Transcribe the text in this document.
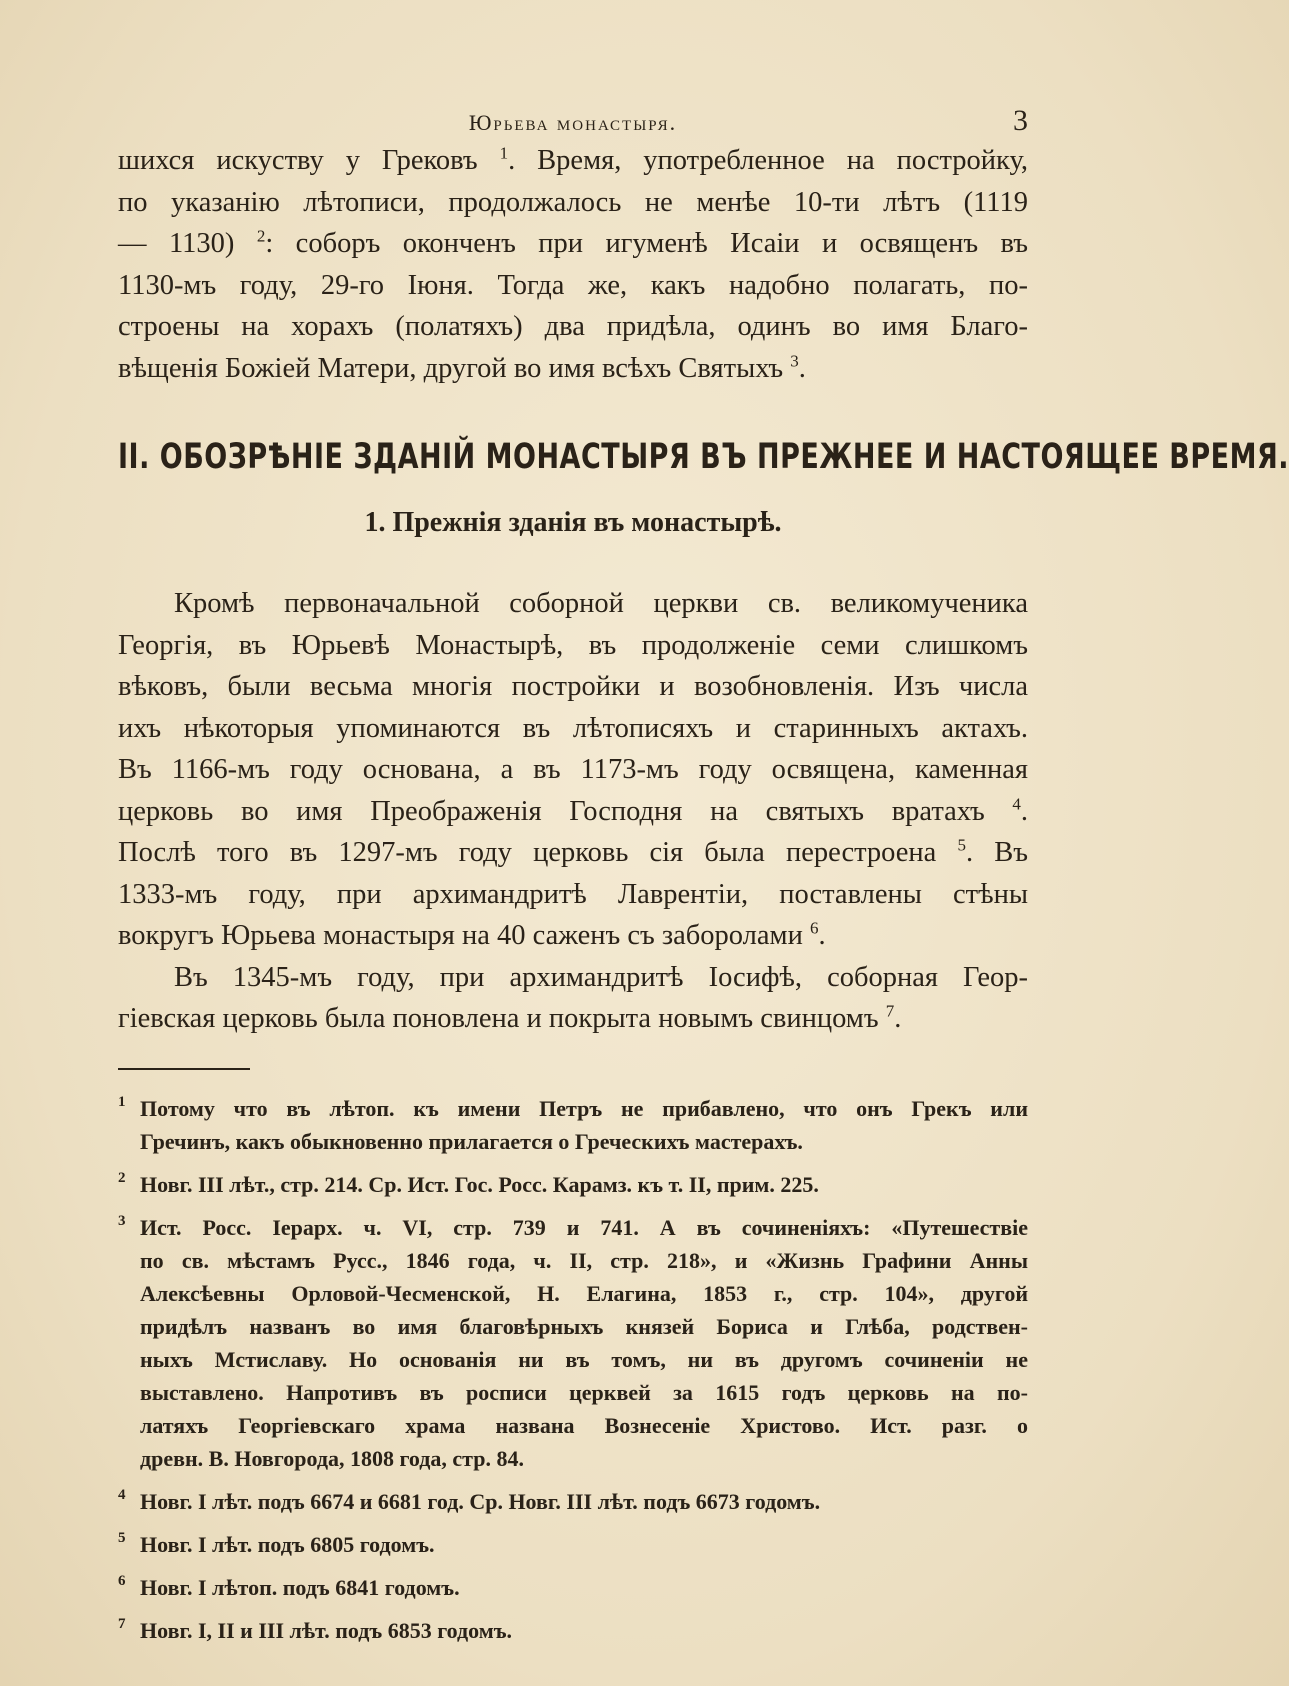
Юрьева монастыря.	3

шихся искуству у Грековъ $^1$. Время, употребленное на постройку,
по указанію лѣтописи, продолжалось не менѣе 10-ти лѣтъ (1119
— 1130) $^2$: соборъ оконченъ при игуменѣ Исаіи и освященъ въ
1130-мъ году, 29-го Іюня. Тогда же, какъ надобно полагать, по-
строены на хорахъ (полатяхъ) два придѣла, одинъ во имя Благо-
вѣщенія Божіей Матери, другой во имя всѣхъ Святыхъ $^3$.

II. ОБОЗРѢНІЕ ЗДАНІЙ МОНАСТЫРЯ ВЪ ПРЕЖНЕЕ И НАСТОЯЩЕЕ ВРЕМЯ.
1. Прежнія зданія въ монастырѣ.

Кромѣ первоначальной соборной церкви св. великомученика
Георгія, въ Юрьевѣ Монастырѣ, въ продолженіе семи слишкомъ
вѣковъ, были весьма многія постройки и возобновленія. Изъ числа
ихъ нѣкоторыя упоминаются въ лѣтописяхъ и старинныхъ актахъ.
Въ 1166-мъ году основана, а въ 1173-мъ году освящена, каменная
церковь во имя Преображенія Господня на святыхъ вратахъ $^4$.
Послѣ того въ 1297-мъ году церковь сія была перестроена $^5$. Въ
1333-мъ году, при архимандритѣ Лаврентіи, поставлены стѣны
вокругъ Юрьева монастыря на 40 саженъ съ заборолами $^6$.
Въ 1345-мъ году, при архимандритѣ Іосифѣ, соборная Геор-
гіевская церковь была поновлена и покрыта новымъ свинцомъ $^7$.

1 Потому что въ лѣтоп. къ имени Петръ не прибавлено, что онъ Грекъ или
Гречинъ, какъ обыкновенно прилагается о Греческихъ мастерахъ.
2 Новг. III лѣт., стр. 214. Ср. Ист. Гос. Росс. Карамз. къ т. II, прим. 225.
3 Ист. Росс. Іерарх. ч. VI, стр. 739 и 741. А въ сочиненіяхъ: «Путешествіе
по св. мѣстамъ Русс., 1846 года, ч. II, стр. 218», и «Жизнь Графини Анны
Алексѣевны Орловой-Чесменской, Н. Елагина, 1853 г., стр. 104», другой
придѣлъ названъ во имя благовѣрныхъ князей Бориса и Глѣба, родствен-
ныхъ Мстиславу. Но основанія ни въ томъ, ни въ другомъ сочиненіи не
выставлено. Напротивъ въ росписи церквей за 1615 годъ церковь на по-
латяхъ Георгіевскаго храма названа Вознесеніе Христово. Ист. разг. о
древн. В. Новгорода, 1808 года, стр. 84.
4 Новг. I лѣт. подъ 6674 и 6681 год. Ср. Новг. III лѣт. подъ 6673 годомъ.
5 Новг. I лѣт. подъ 6805 годомъ.
6 Новг. I лѣтоп. подъ 6841 годомъ.
7 Новг. I, II и III лѣт. подъ 6853 годомъ.
